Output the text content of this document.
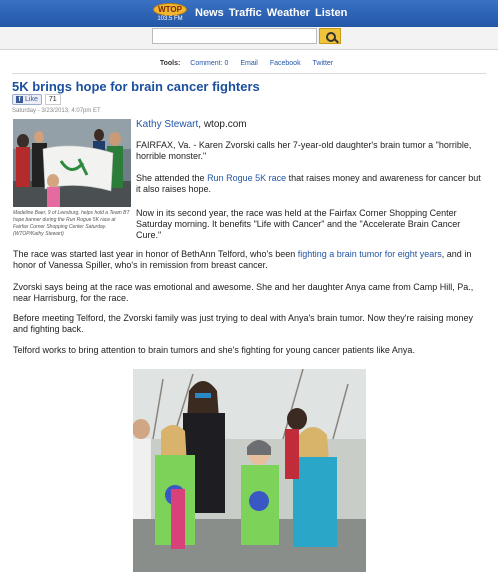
WTOP
103.5 FM	News Traffic Weather Listen
Tools: Comment: 0 Email Facebook Twitter
5K brings hope for brain cancer fighters
f Like	71
Saturday - 3/23/2013, 4:07pm ET
Madeline Baer, 9 of Leesburg, helps hold a Team BT hope banner during the Run Rogue 5K race at Fairfax Corner Shopping Center Saturday. (WTOP/Kathy Stewart)

Kathy Stewart, wtop.com

FAIRFAX, Va. - Karen Zvorski calls her 7-year-old daughter's brain tumor a "horrible, horrible monster."

She attended the Run Rogue 5K race that raises money and awareness for cancer but it also raises hope.

Now in its second year, the race was held at the Fairfax Corner Shopping Center Saturday morning. It benefits "Life with Cancer" and the "Accelerate Brain Cancer Cure."

The race was started last year in honor of BethAnn Telford, who's been fighting a brain tumor for eight years, and in honor of Vanessa Spiller, who's in remission from breast cancer.

Zvorski says being at the race was emotional and awesome. She and her daughter Anya came from Camp Hill, Pa., near Harrisburg, for the race.

Before meeting Telford, the Zvorski family was just trying to deal with Anya's brain tumor. Now they're raising money and fighting back.

Telford works to bring attention to brain tumors and she's fighting for young cancer patients like Anya.
